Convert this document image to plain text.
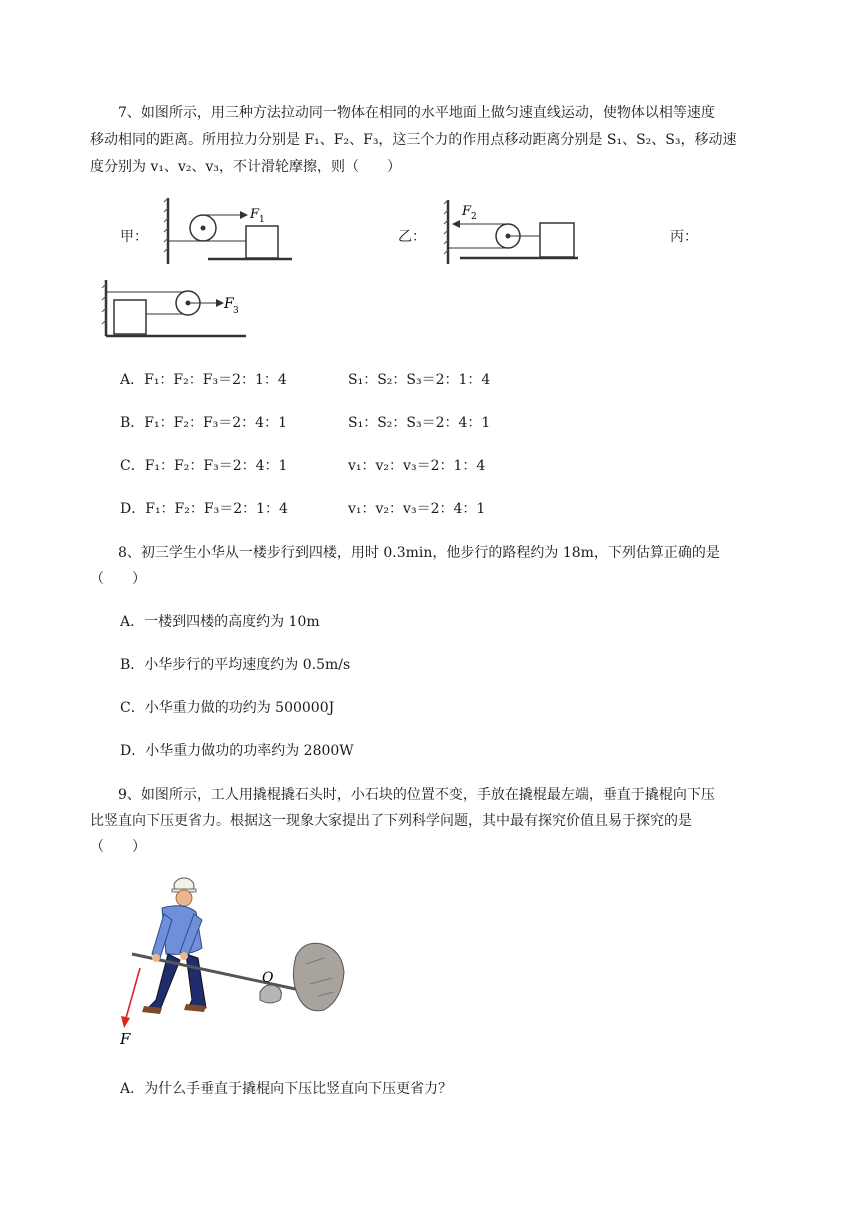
7、如图所示，用三种方法拉动同一物体在相同的水平地面上做匀速直线运动，使物体以相等速度
移动相同的距离。所用拉力分别是 F₁、F₂、F₃，这三个力的作用点移动距离分别是 S₁、S₂、S₃，移动速
度分别为 v₁、v₂、v₃，不计滑轮摩擦，则（　　）
甲：	乙：	丙：
F 1
F 2
F 3
A．F₁：F₂：F₃＝2：1：4	S₁：S₂：S₃＝2：1：4
B．F₁：F₂：F₃＝2：4：1	S₁：S₂：S₃＝2：4：1
C．F₁：F₂：F₃＝2：4：1	v₁：v₂：v₃＝2：1：4
D．F₁：F₂：F₃＝2：1：4	v₁：v₂：v₃＝2：4：1
8、初三学生小华从一楼步行到四楼，用时 0.3min，他步行的路程约为 18m，下列估算正确的是
（　　）
A．一楼到四楼的高度约为 10m
B．小华步行的平均速度约为 0.5m/s
C．小华重力做的功约为 500000J
D．小华重力做功的功率约为 2800W
9、如图所示，工人用撬棍撬石头时，小石块的位置不变，手放在撬棍最左端，垂直于撬棍向下压
比竖直向下压更省力。根据这一现象大家提出了下列科学问题，其中最有探究价值且易于探究的是
（　　）
F
O
A．为什么手垂直于撬棍向下压比竖直向下压更省力？
